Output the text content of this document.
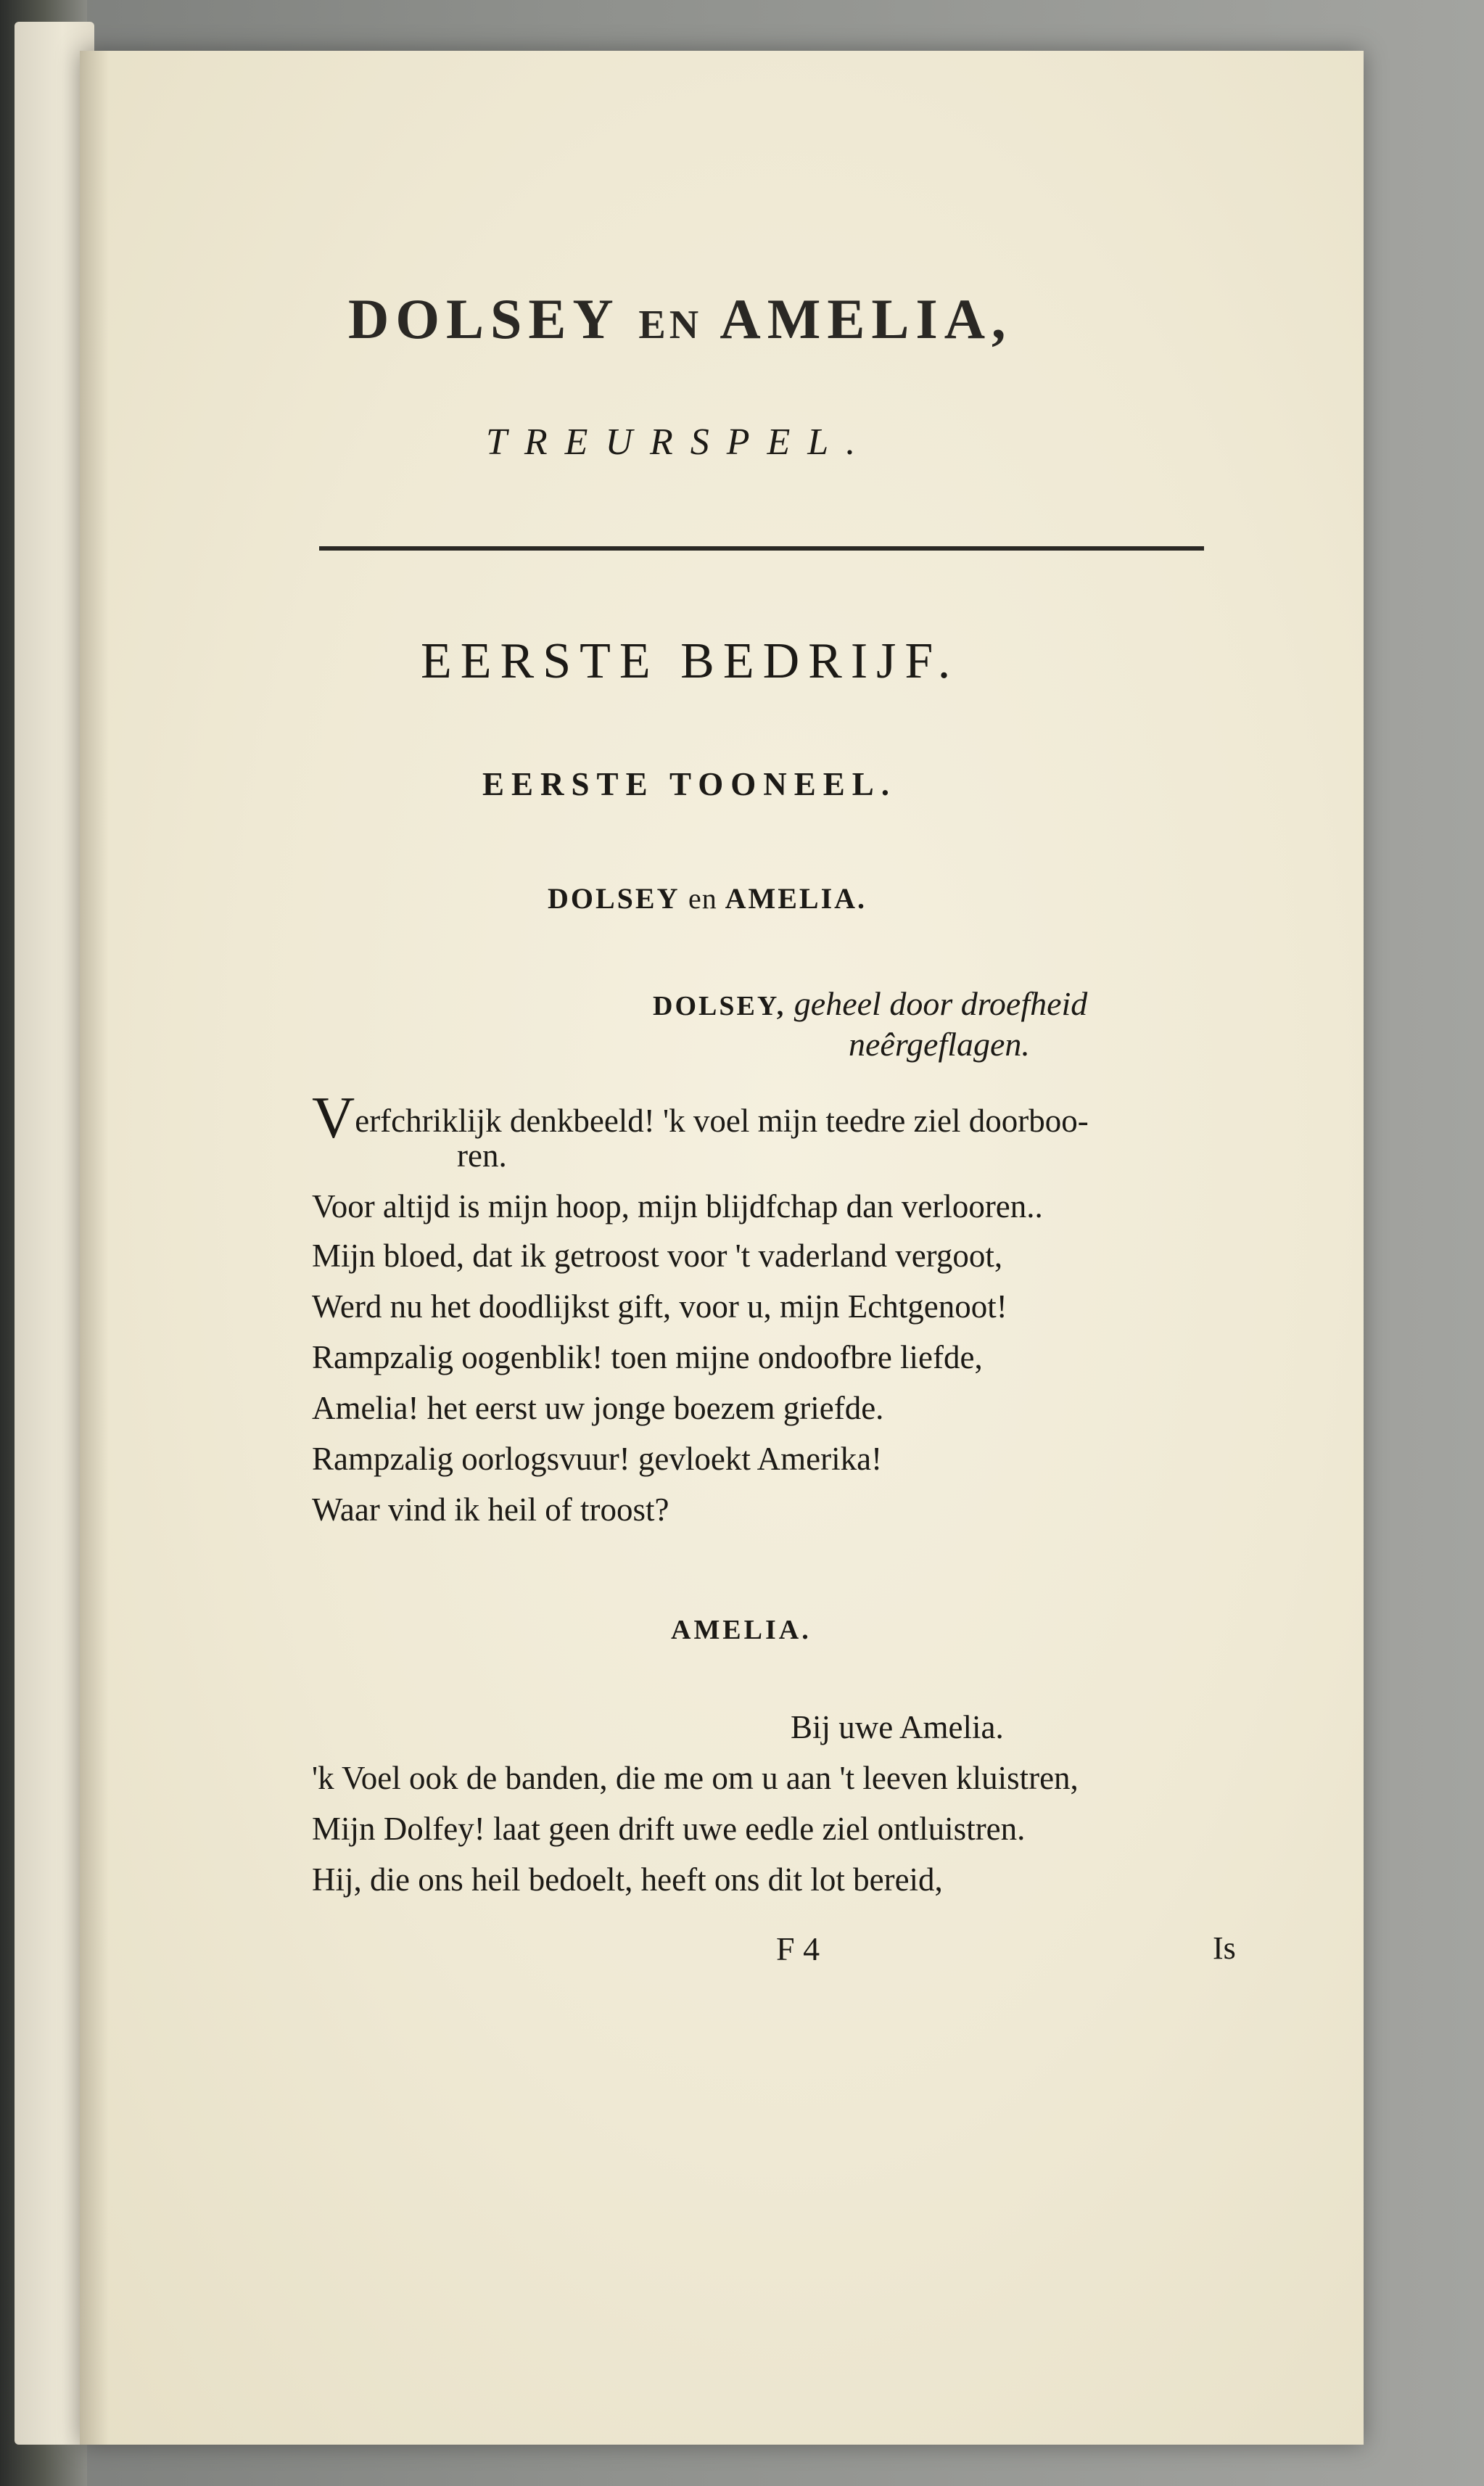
DOLSEY EN AMELIA,
TREURSPEL.
EERSTE BEDRIJF.
EERSTE TOONEEL.
DOLSEY en AMELIA.
DOLSEY, geheel door droefheid
neêrgeflagen.
Verfchriklijk denkbeeld! 'k voel mijn teedre ziel doorboo-
ren.
Voor altijd is mijn hoop, mijn blijdfchap dan verlooren..
Mijn bloed, dat ik getroost voor 't vaderland vergoot,
Werd nu het doodlijkst gift, voor u, mijn Echtgenoot!
Rampzalig oogenblik! toen mijne ondoofbre liefde,
Amelia! het eerst uw jonge boezem griefde.
Rampzalig oorlogsvuur! gevloekt Amerika!
Waar vind ik heil of troost?
AMELIA.
Bij uwe Amelia.
'k Voel ook de banden, die me om u aan 't leeven kluistren,
Mijn Dolfey! laat geen drift uwe eedle ziel ontluistren.
Hij, die ons heil bedoelt, heeft ons dit lot bereid,
F 4	Is
